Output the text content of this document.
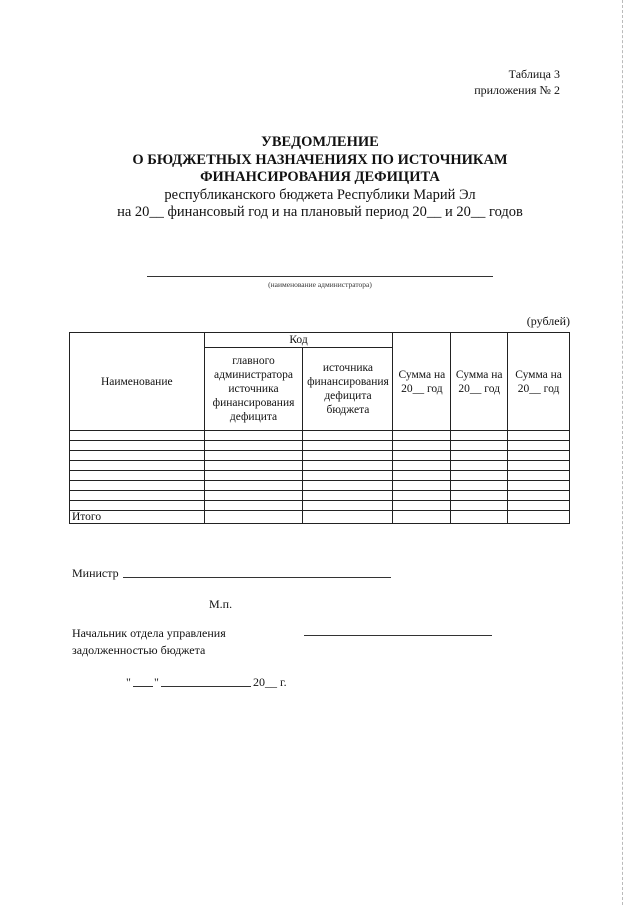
Таблица 3
приложения № 2
УВЕДОМЛЕНИЕ
О БЮДЖЕТНЫХ НАЗНАЧЕНИЯХ ПО ИСТОЧНИКАМ
ФИНАНСИРОВАНИЯ ДЕФИЦИТА
республиканского бюджета Республики Марий Эл
на 20__ финансовый год и на плановый период 20__ и 20__ годов
(наименование администратора)
(рублей)
Наименование	Код		Сумма на 20__ год	Сумма на 20__ год	Сумма на 20__ год
	главного администратора источника финансирования дефицита	источника финансирования дефицита бюджета			

Итого					
Министр
М.п.
Начальник отдела управления
задолженностью бюджета
" "	20__ г.
